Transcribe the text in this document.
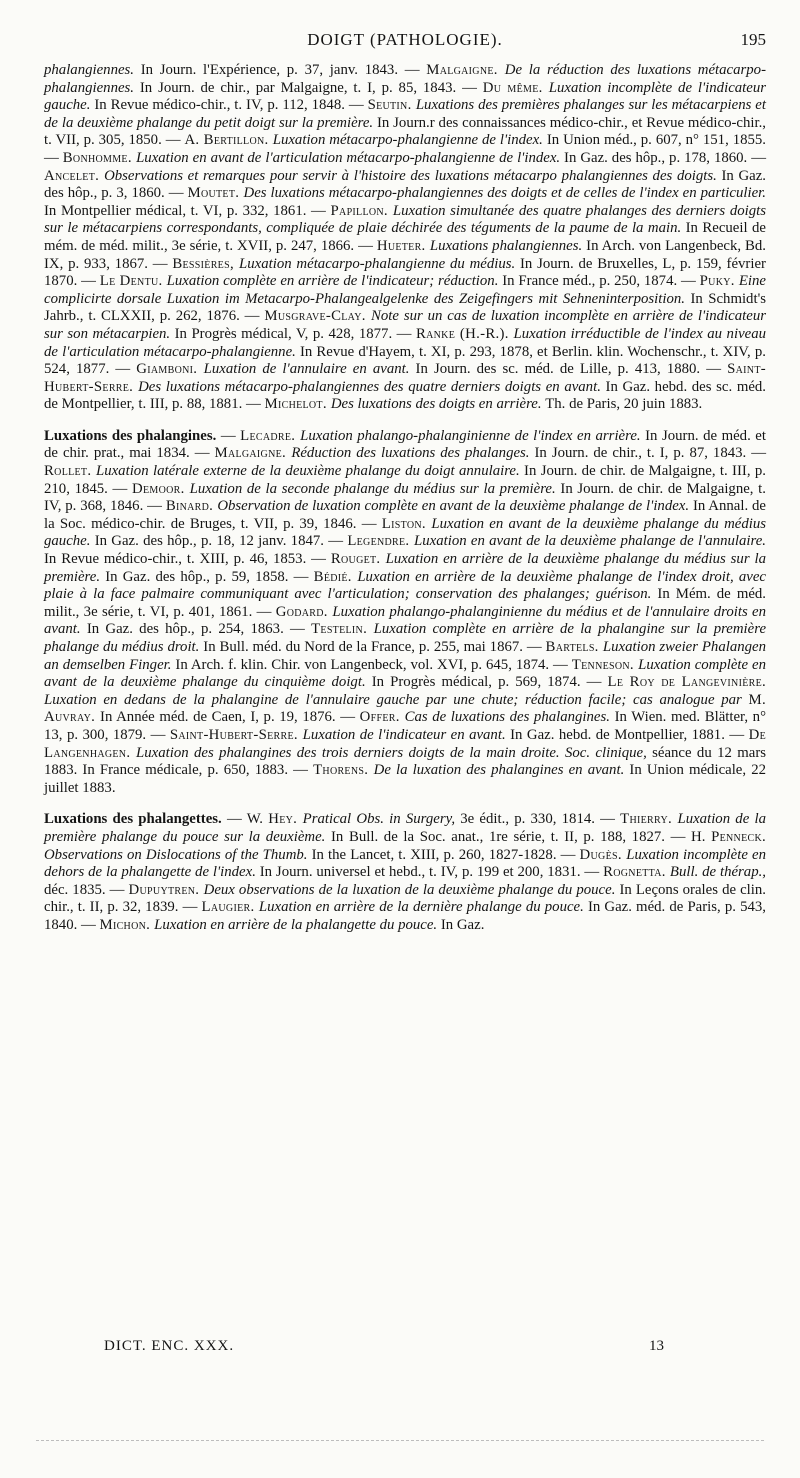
DOIGT (PATHOLOGIE).	195

phalangiennes. In Journ. l'Expérience, p. 37, janv. 1843. — Malgaigne. De la réduction des luxations métacarpo-phalangiennes. In Journ. de chir., par Malgaigne, t. I, p. 85, 1843. — Du même. Luxation incomplète de l'indicateur gauche. In Revue médico-chir., t. IV, p. 112, 1848. — Seutin. Luxations des premières phalanges sur les métacarpiens et de la deuxième phalange du petit doigt sur la première. In Journ.r des connaissances médico-chir., et Revue médico-chir., t. VII, p. 305, 1850. — A. Bertillon. Luxation métacarpo-phalangienne de l'index. In Union méd., p. 607, n° 151, 1855. — Bonhomme. Luxation en avant de l'articulation métacarpo-phalangienne de l'index. In Gaz. des hôp., p. 178, 1860. — Ancelet. Observations et remarques pour servir à l'histoire des luxations métacarpo phalangiennes des doigts. In Gaz. des hôp., p. 3, 1860. — Moutet. Des luxations métacarpo-phalangiennes des doigts et de celles de l'index en particulier. In Montpellier médical, t. VI, p. 332, 1861. — Papillon. Luxation simultanée des quatre phalanges des derniers doigts sur le métacarpiens correspondants, compliquée de plaie déchirée des téguments de la paume de la main. In Recueil de mém. de méd. milit., 3e série, t. XVII, p. 247, 1866. — Hueter. Luxations phalangiennes. In Arch. von Langenbeck, Bd. IX, p. 933, 1867. — Bessières, Luxation métacarpo-phalangienne du médius. In Journ. de Bruxelles, L, p. 159, février 1870. — Le Dentu. Luxation complète en arrière de l'indicateur; réduction. In France méd., p. 250, 1874. — Puky. Eine complicirte dorsale Luxation im Metacarpo-Phalangealgelenke des Zeigefingers mit Sehneninterposition. In Schmidt's Jahrb., t. CLXXII, p. 262, 1876. — Musgrave-Clay. Note sur un cas de luxation incomplète en arrière de l'indicateur sur son métacarpien. In Progrès médical, V, p. 428, 1877. — Ranke (H.-R.). Luxation irréductible de l'index au niveau de l'articulation métacarpo-phalangienne. In Revue d'Hayem, t. XI, p. 293, 1878, et Berlin. klin. Wochenschr., t. XIV, p. 524, 1877. — Giamboni. Luxation de l'annulaire en avant. In Journ. des sc. méd. de Lille, p. 413, 1880. — Saint-Hubert-Serre. Des luxations métacarpo-phalangiennes des quatre derniers doigts en avant. In Gaz. hebd. des sc. méd. de Montpellier, t. III, p. 88, 1881. — Michelot. Des luxations des doigts en arrière. Th. de Paris, 20 juin 1883.

Luxations des phalangines. — Lecadre. Luxation phalango-phalanginienne de l'index en arrière. In Journ. de méd. et de chir. prat., mai 1834. — Malgaigne. Réduction des luxations des phalanges. In Journ. de chir., t. I, p. 87, 1843. — Rollet. Luxation latérale externe de la deuxième phalange du doigt annulaire. In Journ. de chir. de Malgaigne, t. III, p. 210, 1845. — Demoor. Luxation de la seconde phalange du médius sur la première. In Journ. de chir. de Malgaigne, t. IV, p. 368, 1846. — Binard. Observation de luxation complète en avant de la deuxième phalange de l'index. In Annal. de la Soc. médico-chir. de Bruges, t. VII, p. 39, 1846. — Liston. Luxation en avant de la deuxième phalange du médius gauche. In Gaz. des hôp., p. 18, 12 janv. 1847. — Legendre. Luxation en avant de la deuxième phalange de l'annulaire. In Revue médico-chir., t. XIII, p. 46, 1853. — Rouget. Luxation en arrière de la deuxième phalange du médius sur la première. In Gaz. des hôp., p. 59, 1858. — Bédié. Luxation en arrière de la deuxième phalange de l'index droit, avec plaie à la face palmaire communiquant avec l'articulation; conservation des phalanges; guérison. In Mém. de méd. milit., 3e série, t. VI, p. 401, 1861. — Godard. Luxation phalango-phalanginienne du médius et de l'annulaire droits en avant. In Gaz. des hôp., p. 254, 1863. — Testelin. Luxation complète en arrière de la phalangine sur la première phalange du médius droit. In Bull. méd. du Nord de la France, p. 255, mai 1867. — Bartels. Luxation zweier Phalangen an demselben Finger. In Arch. f. klin. Chir. von Langenbeck, vol. XVI, p. 645, 1874. — Tenneson. Luxation complète en avant de la deuxième phalange du cinquième doigt. In Progrès médical, p. 569, 1874. — Le Roy de Langevinière. Luxation en dedans de la phalangine de l'annulaire gauche par une chute; réduction facile; cas analogue par M. Auvray. In Année méd. de Caen, I, p. 19, 1876. — Offer. Cas de luxations des phalangines. In Wien. med. Blätter, n° 13, p. 300, 1879. — Saint-Hubert-Serre. Luxation de l'indicateur en avant. In Gaz. hebd. de Montpellier, 1881. — De Langenhagen. Luxation des phalangines des trois derniers doigts de la main droite. Soc. clinique, séance du 12 mars 1883. In France médicale, p. 650, 1883. — Thorens. De la luxation des phalangines en avant. In Union médicale, 22 juillet 1883.

Luxations des phalangettes. — W. Hey. Pratical Obs. in Surgery, 3e édit., p. 330, 1814. — Thierry. Luxation de la première phalange du pouce sur la deuxième. In Bull. de la Soc. anat., 1re série, t. II, p. 188, 1827. — H. Penneck. Observations on Dislocations of the Thumb. In the Lancet, t. XIII, p. 260, 1827-1828. — Dugès. Luxation incomplète en dehors de la phalangette de l'index. In Journ. universel et hebd., t. IV, p. 199 et 200, 1831. — Rognetta. Bull. de thérap., déc. 1835. — Dupuytren. Deux observations de la luxation de la deuxième phalange du pouce. In Leçons orales de clin. chir., t. II, p. 32, 1839. — Laugier. Luxation en arrière de la dernière phalange du pouce. In Gaz. méd. de Paris, p. 543, 1840. — Michon. Luxation en arrière de la phalangette du pouce. In Gaz.

DICT. ENC. XXX.	13
